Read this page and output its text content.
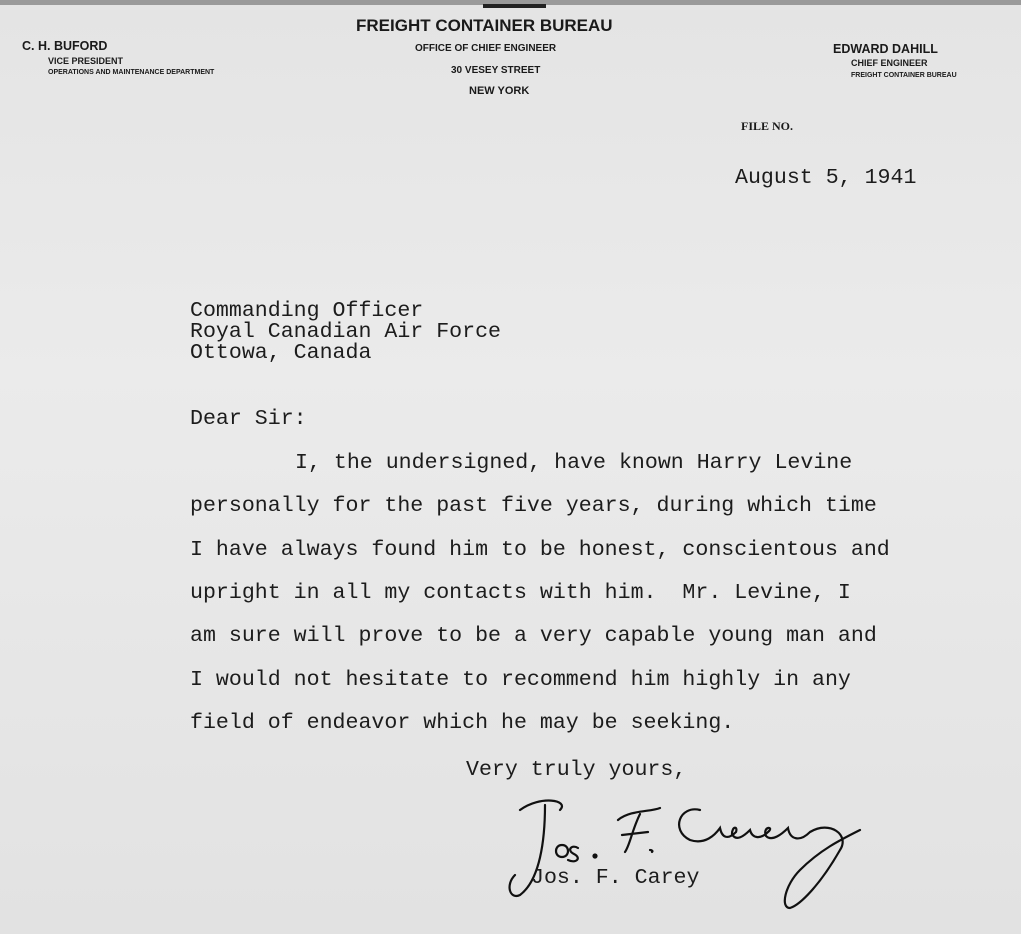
FREIGHT CONTAINER BUREAU
OFFICE OF CHIEF ENGINEER
30 VESEY STREET
NEW YORK
C. H. BUFORD
VICE PRESIDENT
OPERATIONS AND MAINTENANCE DEPARTMENT
EDWARD DAHILL
CHIEF ENGINEER
FREIGHT CONTAINER BUREAU
FILE NO.
August 5, 1941
Commanding Officer
Royal Canadian Air Force
Ottowa, Canada
Dear Sir:
I, the undersigned, have known Harry Levine
personally for the past five years, during which time
I have always found him to be honest, conscientous and
upright in all my contacts with him.  Mr. Levine, I
am sure will prove to be a very capable young man and
I would not hesitate to recommend him highly in any
field of endeavor which he may be seeking.
Very truly yours,
Jos. F. Carey
